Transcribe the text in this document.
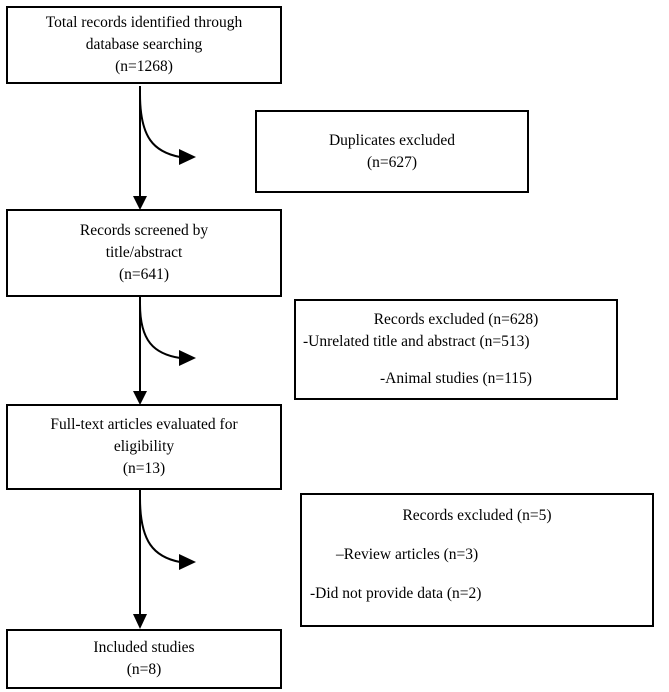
Total records identified through
database searching
(n=1268)
Duplicates excluded
(n=627)
Records screened by
title/abstract
(n=641)
Records excluded (n=628)
-Unrelated title and abstract (n=513)
-Animal studies (n=115)
Full-text articles evaluated for
eligibility
(n=13)
Records excluded (n=5)
–Review articles (n=3)
-Did not provide data (n=2)
Included studies
(n=8)
